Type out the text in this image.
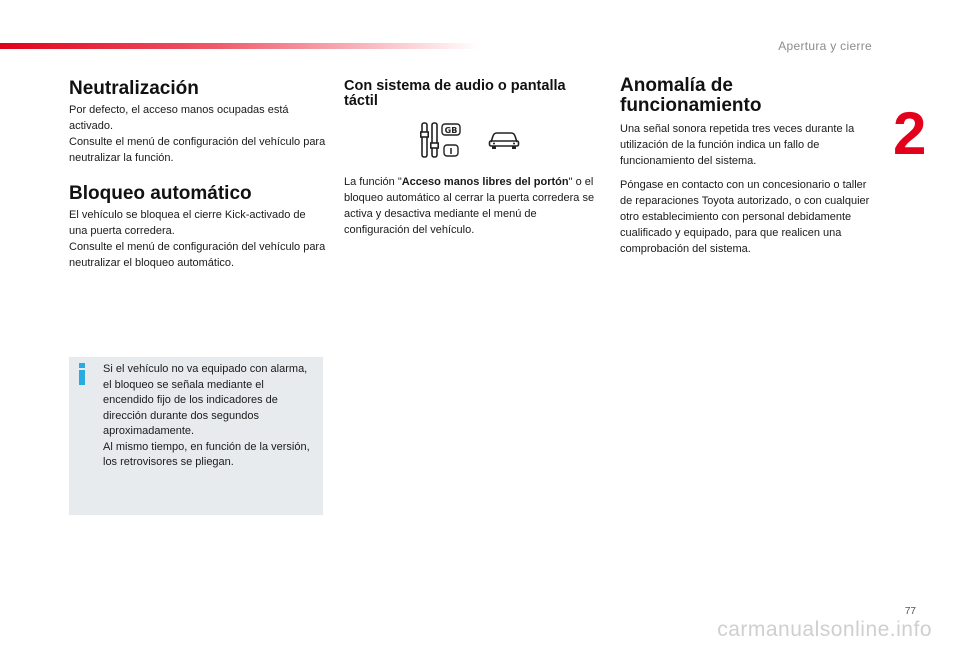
Apertura y cierre
2
Neutralización

Por defecto, el acceso manos ocupadas está activado.

Consulte el menú de configuración del vehículo para neutralizar la función.

Bloqueo automático

El vehículo se bloquea el cierre Kick-activado de una puerta corredera.

Consulte el menú de configuración del vehículo para neutralizar el bloqueo automático.

Si el vehículo no va equipado con alarma, el bloqueo se señala mediante el encendido fijo de los indicadores de dirección durante dos segundos aproximadamente.
Al mismo tiempo, en función de la versión, los retrovisores se pliegan.
Con sistema de audio o pantalla táctil

La función "Acceso manos libres del portón" o el bloqueo automático al cerrar la puerta corredera se activa y desactiva mediante el menú de configuración del vehículo.

GB
I
Anomalía de funcionamiento

Una señal sonora repetida tres veces durante la utilización de la función indica un fallo de funcionamiento del sistema.

Póngase en contacto con un concesionario o taller de reparaciones Toyota autorizado, o con cualquier otro establecimiento con personal debidamente cualificado y equipado, para que realicen una comprobación del sistema.

77
carmanualsonline.info
